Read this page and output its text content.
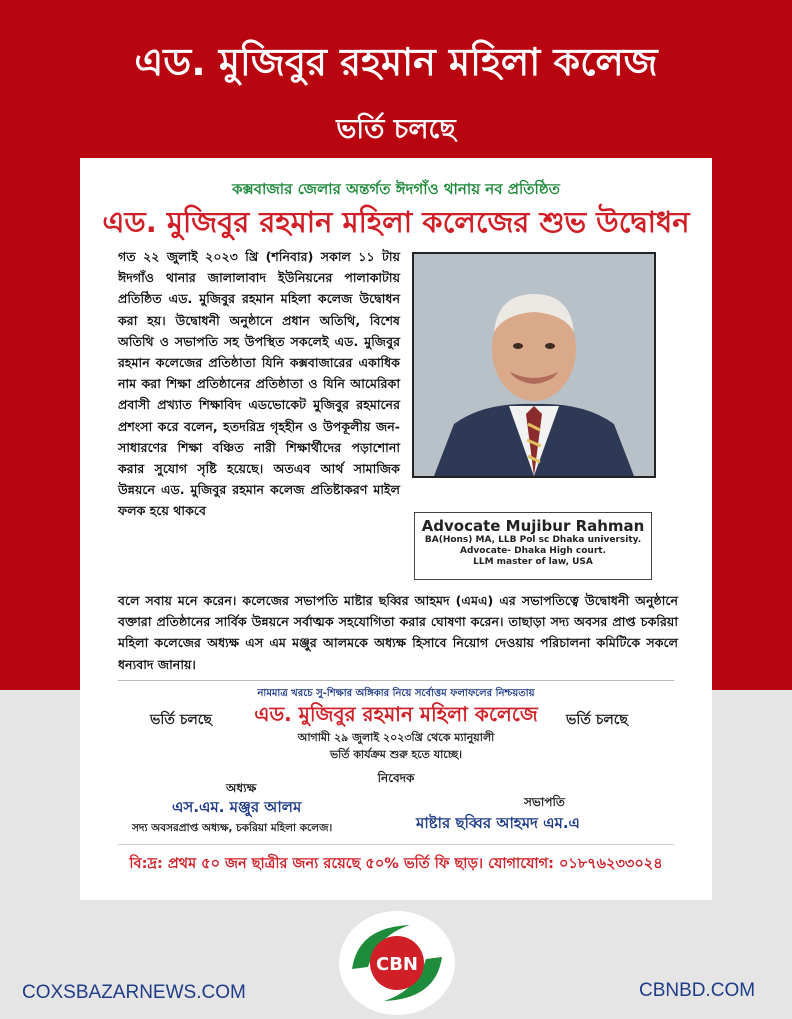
এড. মুজিবুর রহমান মহিলা কলেজ
ভর্তি চলছে
কক্সবাজার জেলার অন্তর্গত ঈদগাঁও থানায় নব প্রতিষ্ঠিত
এড. মুজিবুর রহমান মহিলা কলেজের শুভ উদ্বোধন
গত ২২ জুলাই ২০২৩ খ্রি (শনিবার) সকাল ১১ টায় ঈদগাঁও থানার জালালাবাদ ইউনিয়নের পালাকাটায় প্রতিষ্ঠিত এড. মুজিবুর রহমান মহিলা কলেজ উদ্বোধন করা হয়। উদ্বোধনী অনুষ্ঠানে প্রধান অতিথি, বিশেষ অতিথি ও সভাপতি সহ উপস্থিত সকলেই এড. মুজিবুর রহমান কলেজের প্রতিষ্ঠাতা যিনি কক্সবাজারের একাধিক নাম করা শিক্ষা প্রতিষ্ঠানের প্রতিষ্ঠাতা ও যিনি আমেরিকা প্রবাসী প্রখ্যাত শিক্ষাবিদ এডভোকেট মুজিবুর রহমানের প্রশংসা করে বলেন, হতদরিদ্র গৃহহীন ও উপকূলীয় জন-সাধারণের শিক্ষা বঞ্চিত নারী শিক্ষার্থীদের পড়াশোনা করার সুযোগ সৃষ্টি হয়েছে। অতএব আর্থ সামাজিক উন্নয়নে এড. মুজিবুর রহমান কলেজ প্রতিষ্টাকরণ মাইল ফলক হয়ে থাকবে
Advocate Mujibur Rahman
BA(Hons) MA, LLB Pol sc Dhaka university.
Advocate- Dhaka High court.
LLM master of law, USA
বলে সবায় মনে করেন। কলেজের সভাপতি মাষ্টার ছব্বির আহমদ (এমএ) এর সভাপতিত্বে উদ্বোধনী অনুষ্ঠানে বক্তারা প্রতিষ্ঠানের সার্বিক উন্নয়নে সর্বাত্মক সহযোগিতা করার ঘোষণা করেন। তাছাড়া সদ্য অবসর প্রাপ্ত চকরিয়া মহিলা কলেজের অধ্যক্ষ এস এম মঞ্জুর আলমকে অধ্যক্ষ হিসাবে নিয়োগ দেওয়ায় পরিচালনা কমিটিকে সকলে ধন্যবাদ জানায়।
নামমাত্র খরচে সু-শিক্ষার অঙ্গিকার নিয়ে সর্বোত্তম ফলাফলের নিশ্চয়তায়
ভর্তি চলছে	এড. মুজিবুর রহমান মহিলা কলেজে	ভর্তি চলছে
আগামী ২৯ জুলাই ২০২৩খ্রি থেকে ম্যানুয়ালী
ভর্তি কার্যক্রম শুরু হতে যাচ্ছে।
নিবেদক
অধ্যক্ষ
এস.এম. মঞ্জুর আলম
সদ্য অবসরপ্রাপ্ত অধ্যক্ষ, চকরিয়া মহিলা কলেজ।
সভাপতি
মাষ্টার ছব্বির আহমদ এম.এ
বি:দ্র: প্রথম ৫০ জন ছাত্রীর জন্য রয়েছে ৫০% ভর্তি ফি ছাড়। যোগাযোগ: ০১৮৭৬২৩৩০২৪
CBN
COXSBAZARNEWS.COM	CBNBD.COM
